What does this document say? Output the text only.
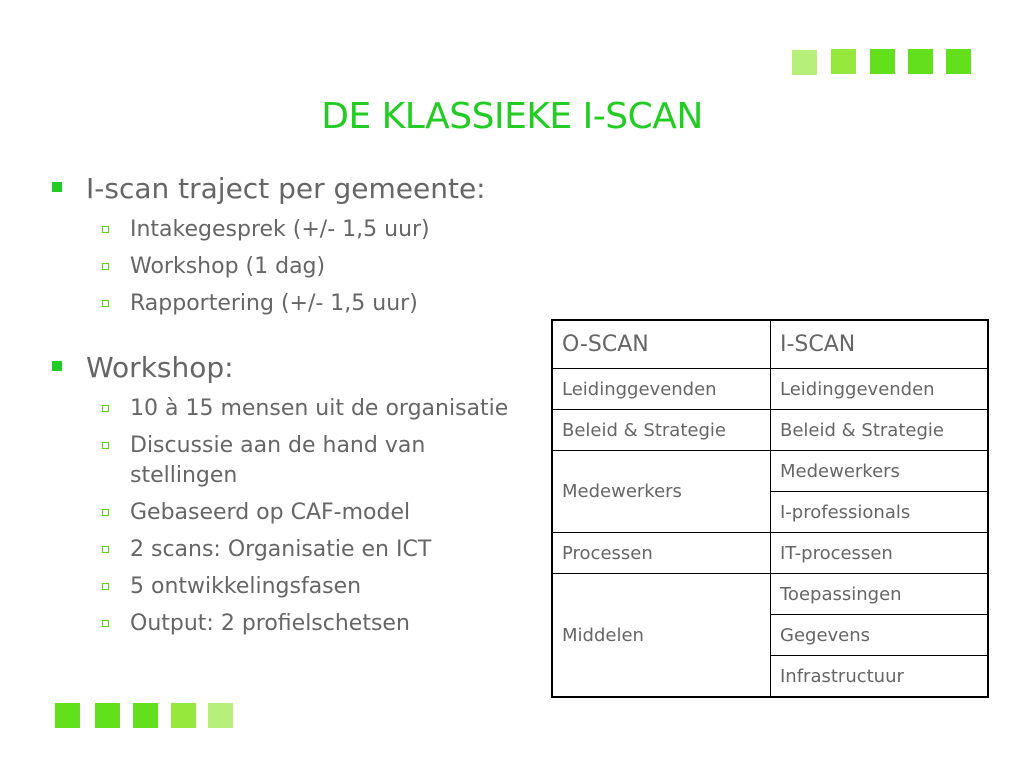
DE KLASSIEKE I-SCAN
I-scan traject per gemeente:
Intakegesprek (+/- 1,5 uur)
Workshop (1 dag)
Rapportering (+/- 1,5 uur)
Workshop:
10 à 15 mensen uit de organisatie
Discussie aan de hand van stellingen
Gebaseerd op CAF-model
2 scans: Organisatie en ICT
5 ontwikkelingsfasen
Output: 2 profielschetsen
O-SCAN	I-SCAN
Leidinggevenden	Leidinggevenden
Beleid & Strategie	Beleid & Strategie
Medewerkers	Medewerkers
	I-professionals
Processen	IT-processen
Middelen	Toepassingen
	Gegevens
	Infrastructuur
